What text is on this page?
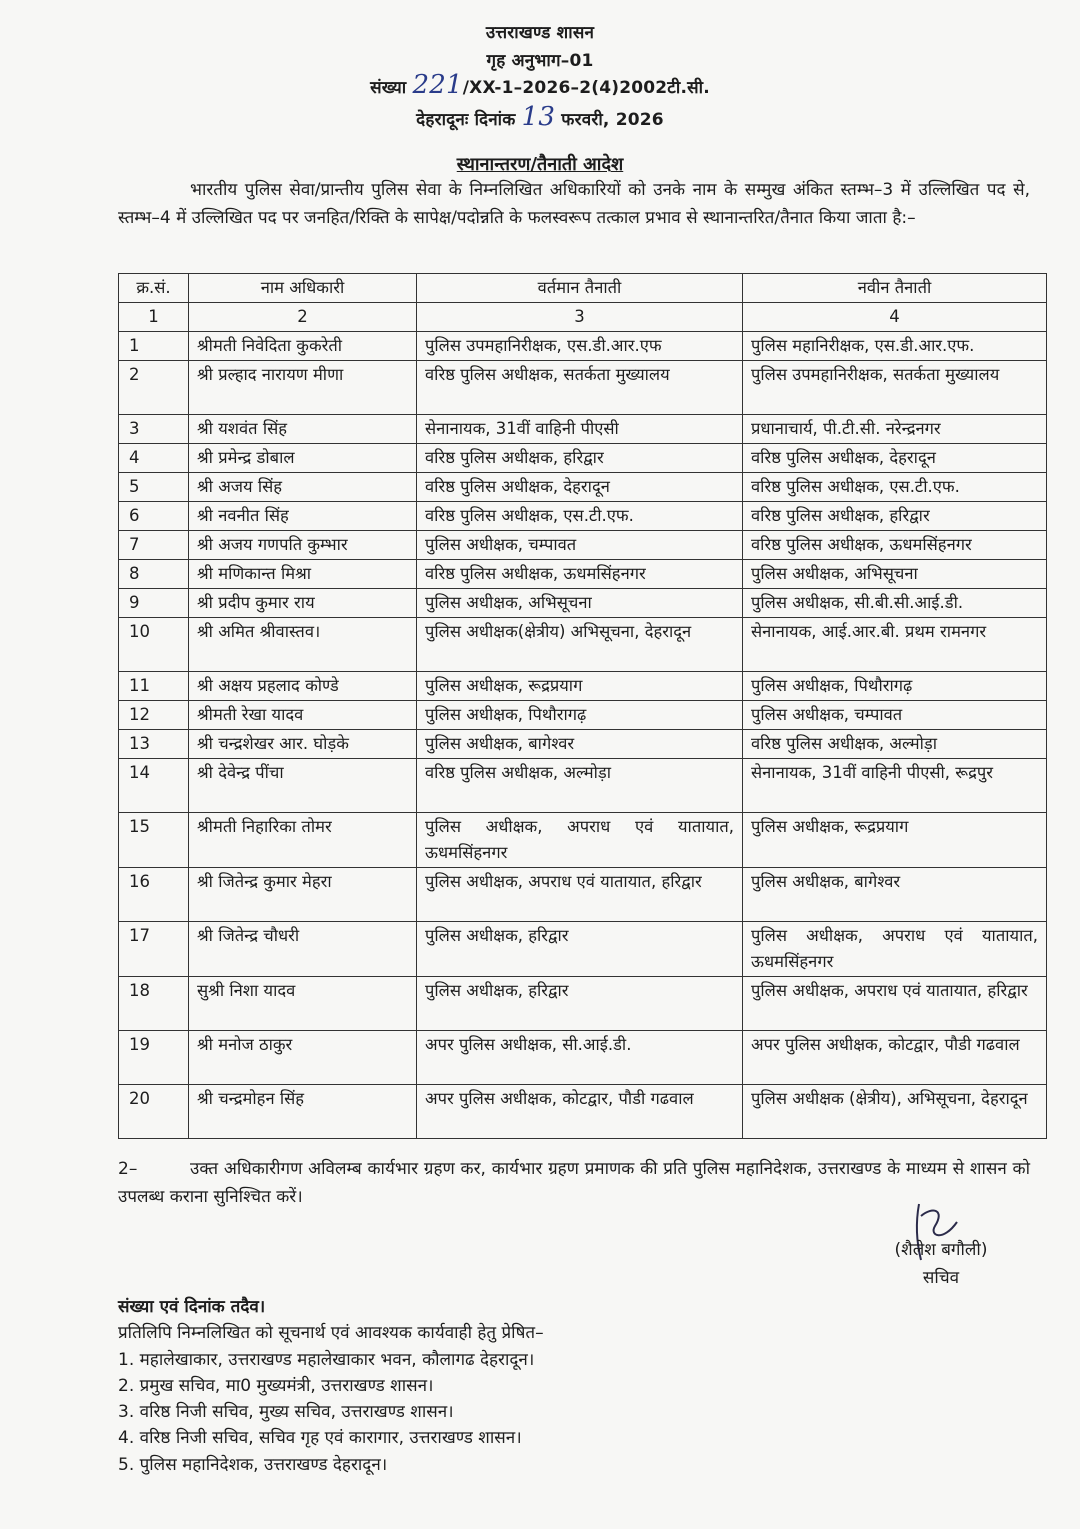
उत्तराखण्ड शासन
गृह अनुभाग–01
संख्या 221/XX-1–2026–2(4)2002टी.सी.
देहरादूनः दिनांक 13 फरवरी, 2026
स्थानान्तरण/तैनाती आदेश
भारतीय पुलिस सेवा/प्रान्तीय पुलिस सेवा के निम्नलिखित अधिकारियों को उनके नाम के सम्मुख अंकित स्तम्भ–3 में उल्लिखित पद से, स्तम्भ–4 में उल्लिखित पद पर जनहित/रिक्ति के सापेक्ष/पदोन्नति के फलस्वरूप तत्काल प्रभाव से स्थानान्तरित/तैनात किया जाता है:–
क्र.सं.	नाम अधिकारी	वर्तमान तैनाती	नवीन तैनाती
1	2	3	4
1	श्रीमती निवेदिता कुकरेती	पुलिस उपमहानिरीक्षक, एस.डी.आर.एफ	पुलिस महानिरीक्षक, एस.डी.आर.एफ.
2	श्री प्रल्हाद नारायण मीणा	वरिष्ठ पुलिस अधीक्षक, सतर्कता मुख्यालय	पुलिस उपमहानिरीक्षक, सतर्कता मुख्यालय
3	श्री यशवंत सिंह	सेनानायक, 31वीं वाहिनी पीएसी	प्रधानाचार्य, पी.टी.सी. नरेन्द्रनगर
4	श्री प्रमेन्द्र डोबाल	वरिष्ठ पुलिस अधीक्षक, हरिद्वार	वरिष्ठ पुलिस अधीक्षक, देहरादून
5	श्री अजय सिंह	वरिष्ठ पुलिस अधीक्षक, देहरादून	वरिष्ठ पुलिस अधीक्षक, एस.टी.एफ.
6	श्री नवनीत सिंह	वरिष्ठ पुलिस अधीक्षक, एस.टी.एफ.	वरिष्ठ पुलिस अधीक्षक, हरिद्वार
7	श्री अजय गणपति कुम्भार	पुलिस अधीक्षक, चम्पावत	वरिष्ठ पुलिस अधीक्षक, ऊधमसिंहनगर
8	श्री मणिकान्त मिश्रा	वरिष्ठ पुलिस अधीक्षक, ऊधमसिंहनगर	पुलिस अधीक्षक, अभिसूचना
9	श्री प्रदीप कुमार राय	पुलिस अधीक्षक, अभिसूचना	पुलिस अधीक्षक, सी.बी.सी.आई.डी.
10	श्री अमित श्रीवास्तव।	पुलिस अधीक्षक(क्षेत्रीय) अभिसूचना, देहरादून	सेनानायक, आई.आर.बी. प्रथम रामनगर
11	श्री अक्षय प्रहलाद कोण्डे	पुलिस अधीक्षक, रूद्रप्रयाग	पुलिस अधीक्षक, पिथौरागढ़
12	श्रीमती रेखा यादव	पुलिस अधीक्षक, पिथौरागढ़	पुलिस अधीक्षक, चम्पावत
13	श्री चन्द्रशेखर आर. घोड़के	पुलिस अधीक्षक, बागेश्वर	वरिष्ठ पुलिस अधीक्षक, अल्मोड़ा
14	श्री देवेन्द्र पींचा	वरिष्ठ पुलिस अधीक्षक, अल्मोड़ा	सेनानायक, 31वीं वाहिनी पीएसी, रूद्रपुर
15	श्रीमती निहारिका तोमर	पुलिस अधीक्षक, अपराध एवं यातायात, ऊधमसिंहनगर	पुलिस अधीक्षक, रूद्रप्रयाग
16	श्री जितेन्द्र कुमार मेहरा	पुलिस अधीक्षक, अपराध एवं यातायात, हरिद्वार	पुलिस अधीक्षक, बागेश्वर
17	श्री जितेन्द्र चौधरी	पुलिस अधीक्षक, हरिद्वार	पुलिस अधीक्षक, अपराध एवं यातायात, ऊधमसिंहनगर
18	सुश्री निशा यादव	पुलिस अधीक्षक, हरिद्वार	पुलिस अधीक्षक, अपराध एवं यातायात, हरिद्वार
19	श्री मनोज ठाकुर	अपर पुलिस अधीक्षक, सी.आई.डी.	अपर पुलिस अधीक्षक, कोटद्वार, पौडी गढवाल
20	श्री चन्द्रमोहन सिंह	अपर पुलिस अधीक्षक, कोटद्वार, पौडी गढवाल	पुलिस अधीक्षक (क्षेत्रीय), अभिसूचना, देहरादून
2–	उक्त अधिकारीगण अविलम्ब कार्यभार ग्रहण कर, कार्यभार ग्रहण प्रमाणक की प्रति पुलिस महानिदेशक, उत्तराखण्ड के माध्यम से शासन को उपलब्ध कराना सुनिश्चित करें।
(शैलेश बगौली)
सचिव
संख्या एवं दिनांक तदैव।
प्रतिलिपि निम्नलिखित को सूचनार्थ एवं आवश्यक कार्यवाही हेतु प्रेषित–
1. महालेखाकार, उत्तराखण्ड महालेखाकार भवन, कौलागढ देहरादून।
2. प्रमुख सचिव, मा0 मुख्यमंत्री, उत्तराखण्ड शासन।
3. वरिष्ठ निजी सचिव, मुख्य सचिव, उत्तराखण्ड शासन।
4. वरिष्ठ निजी सचिव, सचिव गृह एवं कारागार, उत्तराखण्ड शासन।
5. पुलिस महानिदेशक, उत्तराखण्ड देहरादून।
